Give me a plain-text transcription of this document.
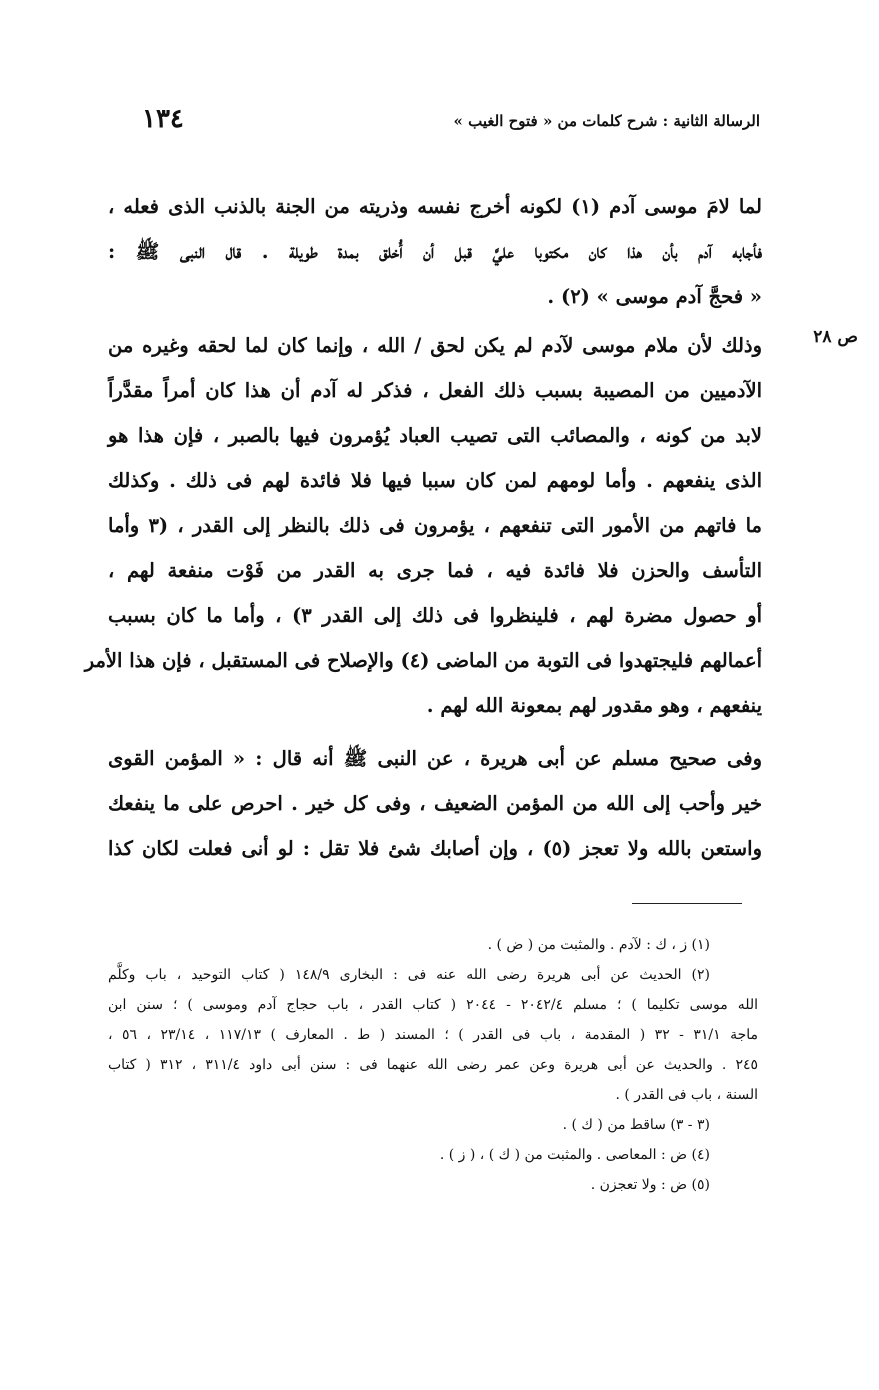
١٣٤	الرسالة الثانية : شرح كلمات من « فتوح الغيب »
لما لامَ موسى آدم (١) لكونه أخرج نفسه وذريته من الجنة بالذنب الذى فعله ،
فأجابه آدم بأن هذا كان مكتوبا عليَّ قبل أن أُخلق بمدة طويلة . قال النبى ﷺ :
« فحجَّ آدم موسى » (٢) .
ص ٢٨
وذلك لأن ملام موسى لآدم لم يكن لحق / الله ، وإنما كان لما لحقه وغيره من
الآدميين من المصيبة بسبب ذلك الفعل ، فذكر له آدم أن هذا كان أمراً مقدَّراً
لابد من كونه ، والمصائب التى تصيب العباد يُؤمرون فيها بالصبر ، فإن هذا هو
الذى ينفعهم . وأما لومهم لمن كان سببا فيها فلا فائدة لهم فى ذلك . وكذلك
ما فاتهم من الأمور التى تنفعهم ، يؤمرون فى ذلك بالنظر إلى القدر ، (٣ وأما
التأسف والحزن فلا فائدة فيه ، فما جرى به القدر من فَوْت منفعة لهم ،
أو حصول مضرة لهم ، فلينظروا فى ذلك إلى القدر ٣) ، وأما ما كان بسبب
أعمالهم فليجتهدوا فى التوبة من الماضى (٤) والإصلاح فى المستقبل ، فإن هذا الأمر
ينفعهم ، وهو مقدور لهم بمعونة الله لهم .
وفى صحيح مسلم عن أبى هريرة ، عن النبى ﷺ أنه قال : « المؤمن القوى
خير وأحب إلى الله من المؤمن الضعيف ، وفى كل خير . احرص على ما ينفعك
واستعن بالله ولا تعجز (٥) ، وإن أصابك شئ فلا تقل : لو أنى فعلت لكان كذا
(١) ز ، ك : لآدم . والمثبت من ( ض ) .
(٢) الحديث عن أبى هريرة رضى الله عنه فى : البخارى ١٤٨/٩ ( كتاب التوحيد ، باب وكلَّم
الله موسى تكليما ) ؛ مسلم ٢٠٤٢/٤ - ٢٠٤٤ ( كتاب القدر ، باب حجاج آدم وموسى ) ؛ سنن ابن
ماجة ٣١/١ - ٣٢ ( المقدمة ، باب فى القدر ) ؛ المسند ( ط . المعارف ) ١١٧/١٣ ، ٢٣/١٤ ، ٥٦ ،
٢٤٥ . والحديث عن أبى هريرة وعن عمر رضى الله عنهما فى : سنن أبى داود ٣١١/٤ ، ٣١٢ ( كتاب
السنة ، باب فى القدر ) .
(٣ - ٣) ساقط من ( ك ) .
(٤) ض : المعاصى . والمثبت من ( ك ) ، ( ز ) .
(٥) ض : ولا تعجزن .
